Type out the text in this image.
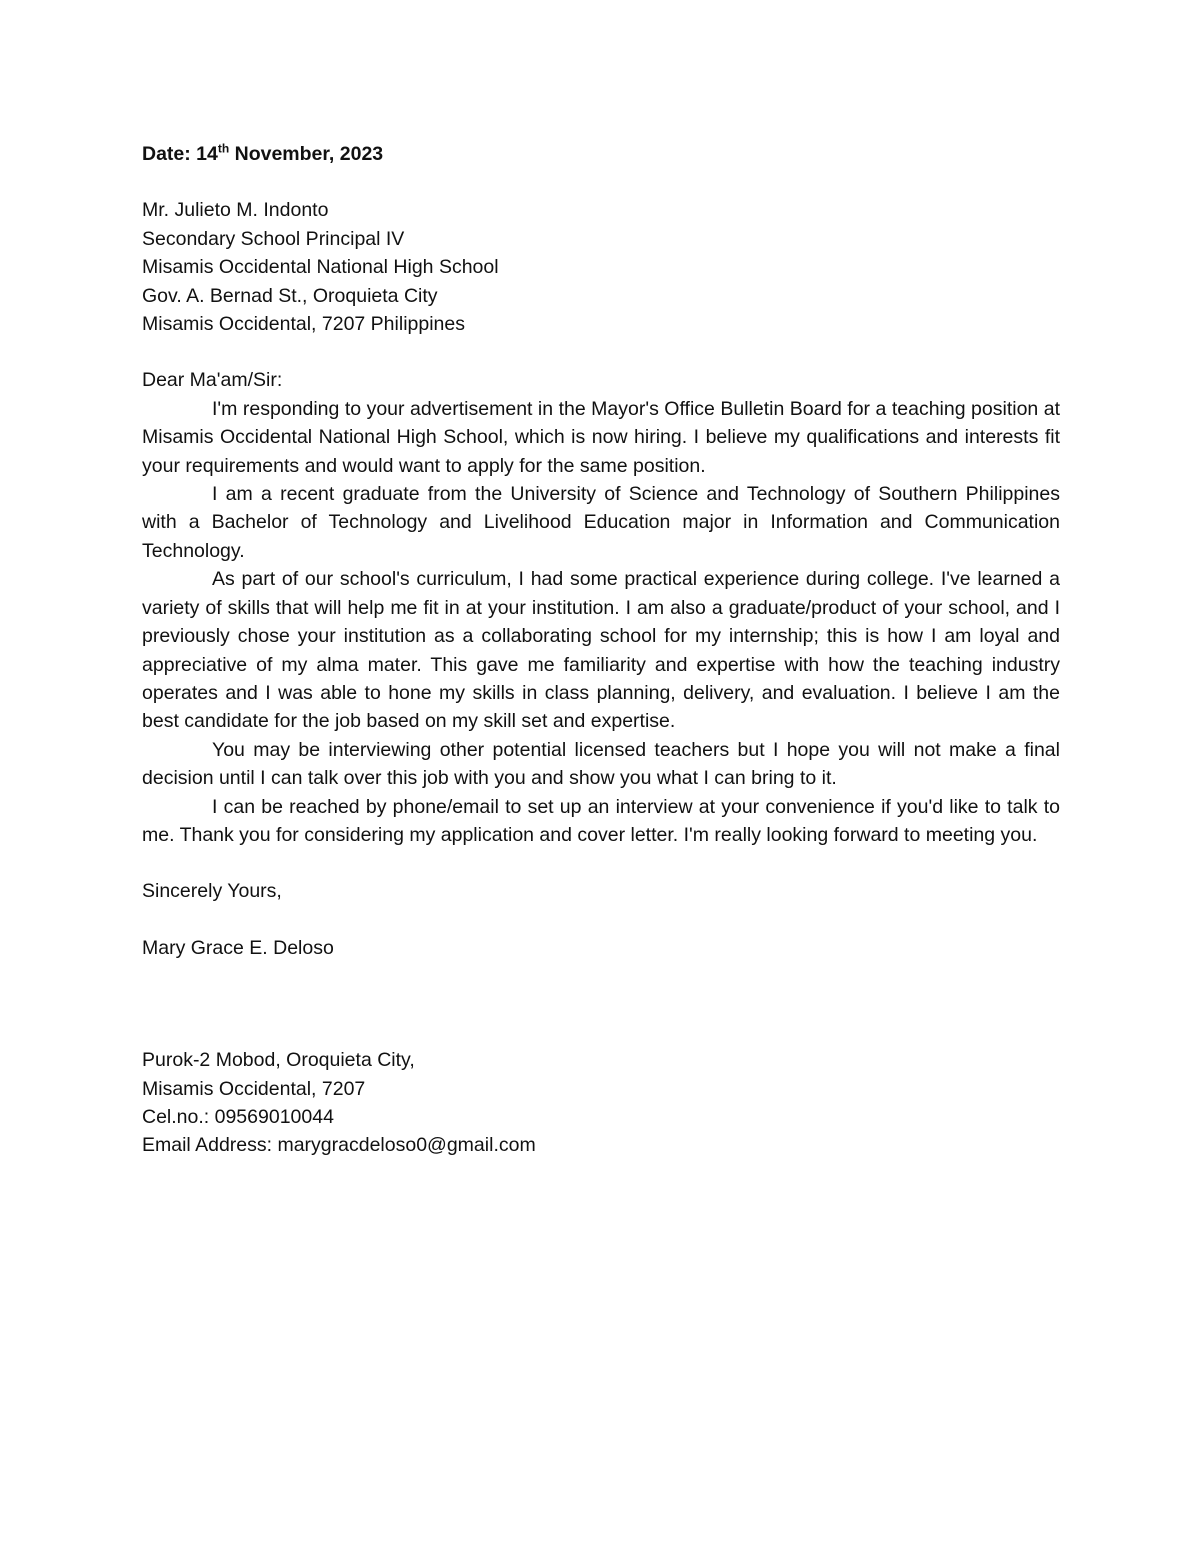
Date: 14th November, 2023

Mr. Julieto M. Indonto
Secondary School Principal IV
Misamis Occidental National High School
Gov. A. Bernad St., Oroquieta City
Misamis Occidental, 7207 Philippines

Dear Ma'am/Sir:

I'm responding to your advertisement in the Mayor's Office Bulletin Board for a teaching position at Misamis Occidental National High School, which is now hiring. I believe my qualifications and interests fit your requirements and would want to apply for the same position.

I am a recent graduate from the University of Science and Technology of Southern Philippines with a Bachelor of Technology and Livelihood Education major in Information and Communication Technology.

As part of our school's curriculum, I had some practical experience during college. I've learned a variety of skills that will help me fit in at your institution. I am also a graduate/product of your school, and I previously chose your institution as a collaborating school for my internship; this is how I am loyal and appreciative of my alma mater. This gave me familiarity and expertise with how the teaching industry operates and I was able to hone my skills in class planning, delivery, and evaluation. I believe I am the best candidate for the job based on my skill set and expertise.

You may be interviewing other potential licensed teachers but I hope you will not make a final decision until I can talk over this job with you and show you what I can bring to it.

I can be reached by phone/email to set up an interview at your convenience if you'd like to talk to me. Thank you for considering my application and cover letter. I'm really looking forward to meeting you.

Sincerely Yours,

Mary Grace E. Deloso

Purok-2 Mobod, Oroquieta City,
Misamis Occidental, 7207
Cel.no.: 09569010044
Email Address: marygracdeloso0@gmail.com
